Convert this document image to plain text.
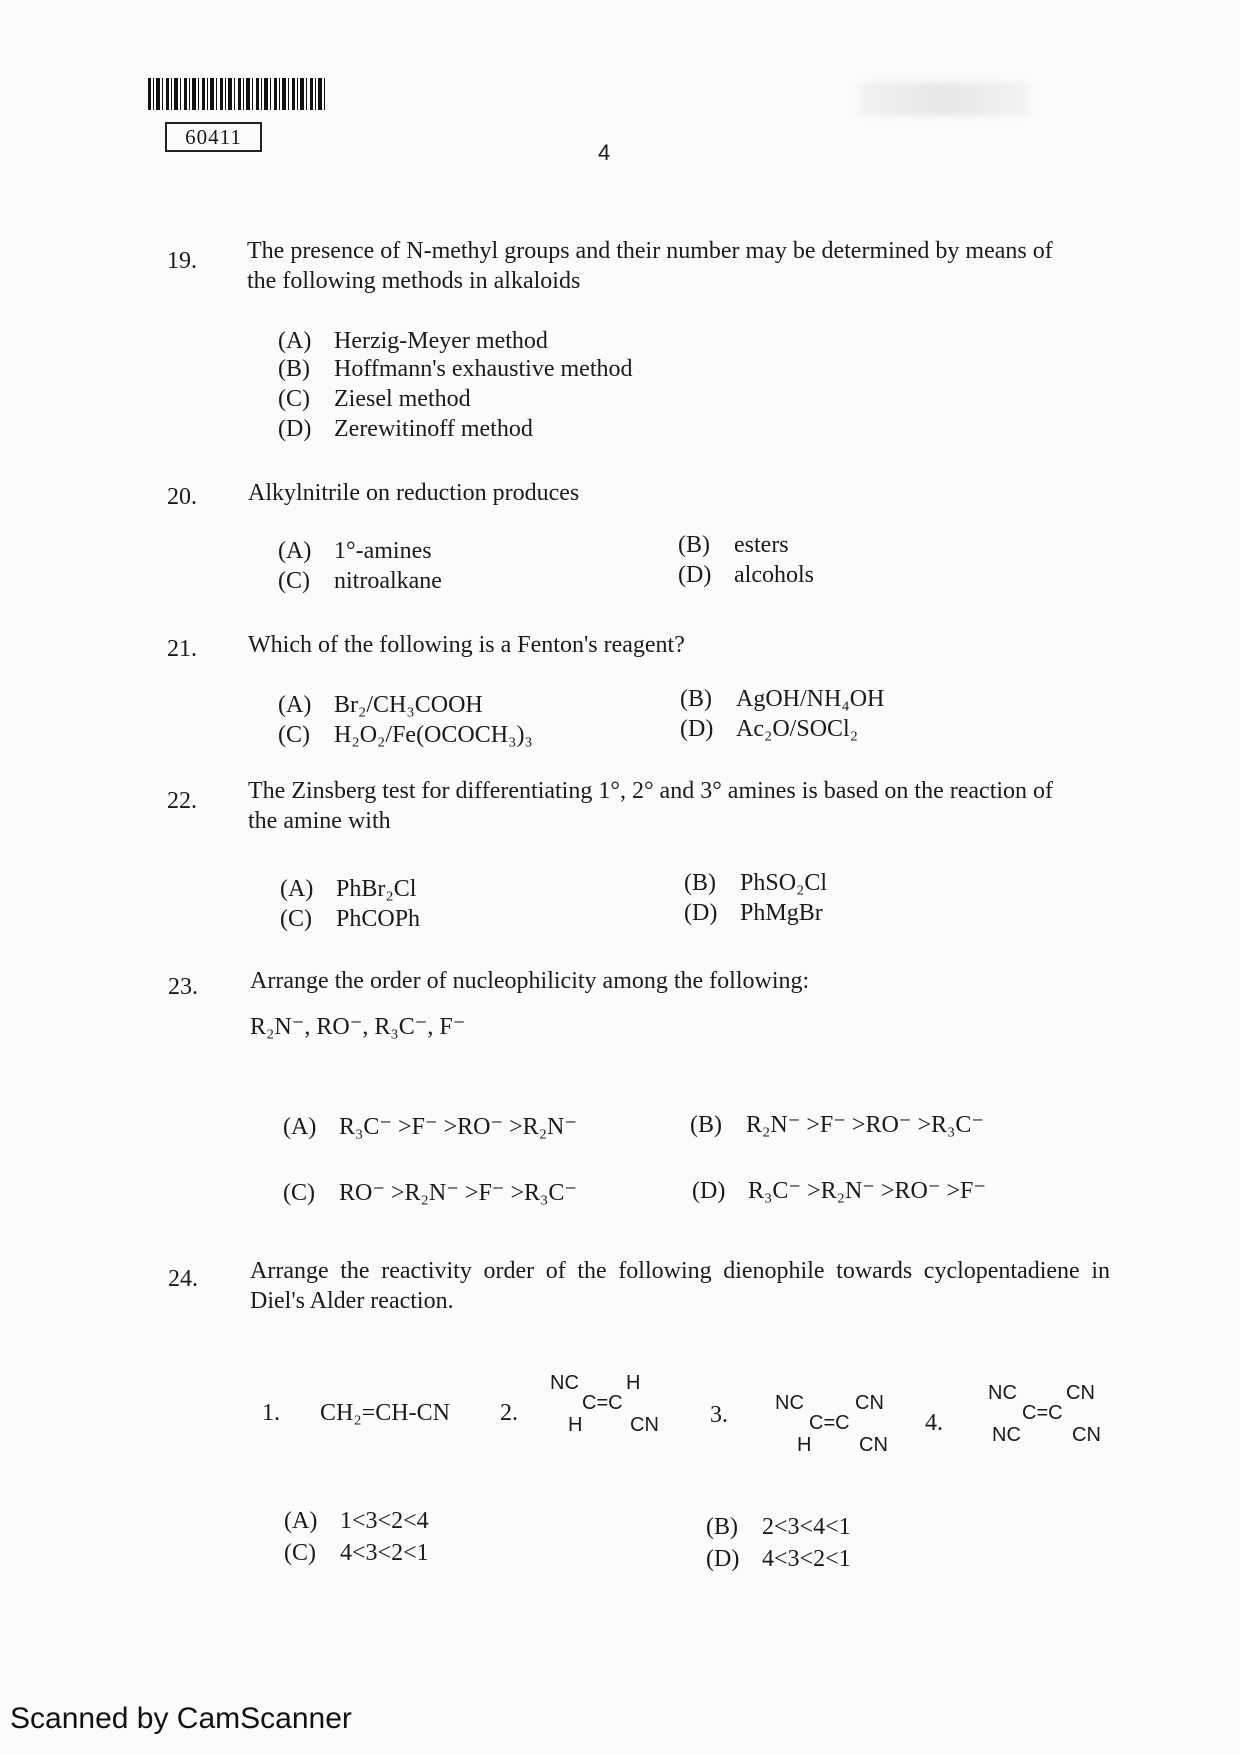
60411
4
19. The presence of N-methyl groups and their number may be determined by means of the following methods in alkaloids
(A) Herzig-Meyer method
(B) Hoffmann's exhaustive method
(C) Ziesel method
(D) Zerewitinoff method
20. Alkylnitrile on reduction produces
(A) 1°-amines	(B) esters
(C) nitroalkane	(D) alcohols
21. Which of the following is a Fenton's reagent?
(A) Br₂/CH₃COOH	(B) AgOH/NH₄OH
(C) H₂O₂/Fe(OCOCH₃)₃	(D) Ac₂O/SOCl₂
22. The Zinsberg test for differentiating 1°, 2° and 3° amines is based on the reaction of the amine with
(A) PhBr₂Cl	(B) PhSO₂Cl
(C) PhCOPh	(D) PhMgBr
23. Arrange the order of nucleophilicity among the following:
R₂N⁻, RO⁻, R₃C⁻, F⁻
(A) R₃C⁻ >F⁻ >RO⁻ >R₂N⁻	(B) R₂N⁻ >F⁻ >RO⁻ >R₃C⁻
(C) RO⁻ >R₂N⁻ >F⁻ >R₃C⁻	(D) R₃C⁻ >R₂N⁻ >RO⁻ >F⁻
24. Arrange the reactivity order of the following dienophile towards cyclopentadiene in Diel's Alder reaction.
1. CH₂=CH-CN 2.
NC H
C=C
H CN 3. NC	CN
C=C
H CN
4.
NC CN
C=C
NC	CN
(A) 1<3<2<4	(B) 2<3<4<1
(C) 4<3<2<1	(D) 4<3<2<1
Scanned by CamScanner
